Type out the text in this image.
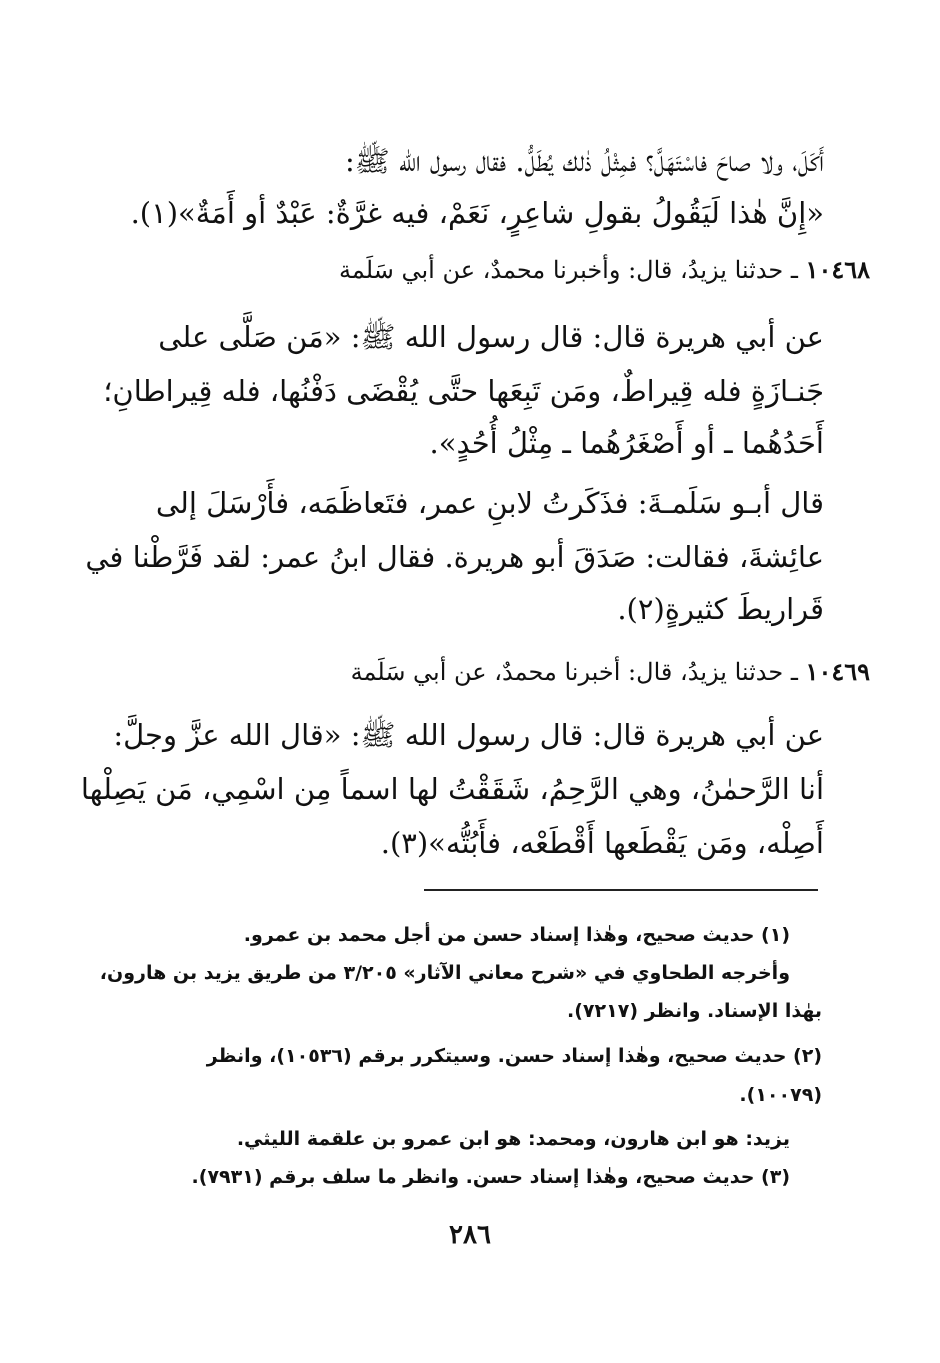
أَكَلَ، ولا صاحَ فاسْتَهَلَّ؟ فمِثْلُ ذٰلك يُطَلُّ. فقال رسول الله ﷺ:
«إِنَّ هٰذا لَيَقُولُ بقولِ شاعِرٍ، نَعَمْ، فيه غرَّةٌ: عَبْدٌ أو أَمَةٌ»(١).
١٠٤٦٨ ـ حدثنا يزيدُ، قال: وأخبرنا محمدٌ، عن أبي سَلَمة
عن أبي هريرة قال: قال رسول الله ﷺ: «مَن صَلَّى على
جَنـازَةٍ فله قِيراطٌ، ومَن تَبِعَها حتَّى يُقْضَى دَفْنُها، فله قِيراطانِ؛
أَحَدُهُما ـ أو أَصْغَرُهُما ـ مِثْلُ أُحُدٍ».
قال أبـو سَلَمـةَ: فذَكَرتُ لابنِ عمر، فتَعاظَمَه، فأَرْسَلَ إلى
عائِشةَ، فقالت: صَدَقَ أبو هريرة. فقال ابنُ عمر: لقد فَرَّطْنا في
قَراريطَ كثيرةٍ(٢).
١٠٤٦٩ ـ حدثنا يزيدُ، قال: أخبرنا محمدٌ، عن أبي سَلَمة
عن أبي هريرة قال: قال رسول الله ﷺ: «قال الله عزَّ وجلَّ:
أنا الرَّحمٰنُ، وهي الرَّحِمُ، شَقَقْتُ لها اسماً مِن اسْمِي، مَن يَصِلْها
أَصِلْه، ومَن يَقْطَعها أَقْطَعْه، فأَبُتُّه»(٣).
(١) حديث صحيح، وهٰذا إسناد حسن من أجل محمد بن عمرو.
وأخرجه الطحاوي في «شرح معاني الآثار» ٣/٢٠٥ من طريق يزيد بن هارون،
بهٰذا الإسناد. وانظر (٧٢١٧).
(٢) حديث صحيح، وهٰذا إسناد حسن. وسيتكرر برقم (١٠٥٣٦)، وانظر
(١٠٠٧٩).
يزيد: هو ابن هارون، ومحمد: هو ابن عمرو بن علقمة الليثي.
(٣) حديث صحيح، وهٰذا إسناد حسن. وانظر ما سلف برقم (٧٩٣١).
٢٨٦
